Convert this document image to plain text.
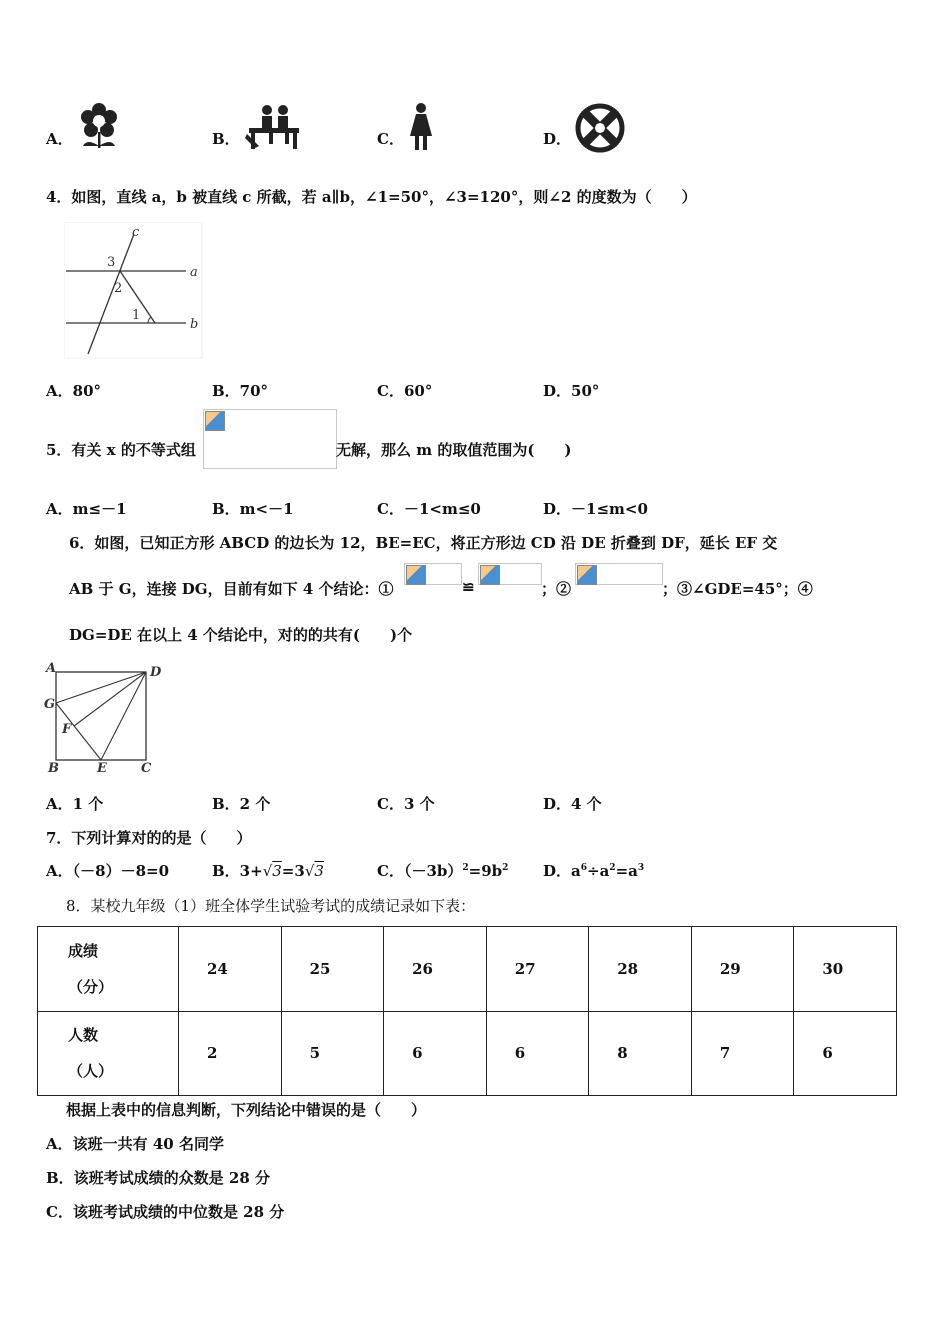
A．	B．	C．	D．
4．如图，直线 a，b 被直线 c 所截，若 a∥b，∠1=50°，∠3=120°，则∠2 的度数为（　　）
c
a
b
3
2
1
A．80°	B．70°	C．60°	D．50°
5．有关 x 的不等式组	无解，那么 m 的取值范围为(　　)
A．m≤－1	B．m<－1	C．－1<m≤0	D．－1≤m<0
6．如图，已知正方形 ABCD 的边长为 12，BE=EC，将正方形边 CD 沿 DE 折叠到 DF，延长 EF 交
AB 于 G，连接 DG，目前有如下 4 个结论：①	≌	；②	；③∠GDE=45°；④
DG=DE 在以上 4 个结论中，对的的共有(　　)个
A	D
G
F
B	E	C
A．1 个	B．2 个	C．3 个	D．4 个
7．下列计算对的的是（　　）
A．（－8）－8=0	B．3+√3=3√3	C．$(-3b)^2=9b^2$ D．$a^6\div a^2=a^3$
8．某校九年级（1）班全体学生试验考试的成绩记录如下表：
成绩
（分）	24	25	26	27	28	29	30

人数
（人）	2	5	6	6	8	7	6
根据上表中的信息判断，下列结论中错误的是（　　）
A．该班一共有 40 名同学
B．该班考试成绩的众数是 28 分
C．该班考试成绩的中位数是 28 分
